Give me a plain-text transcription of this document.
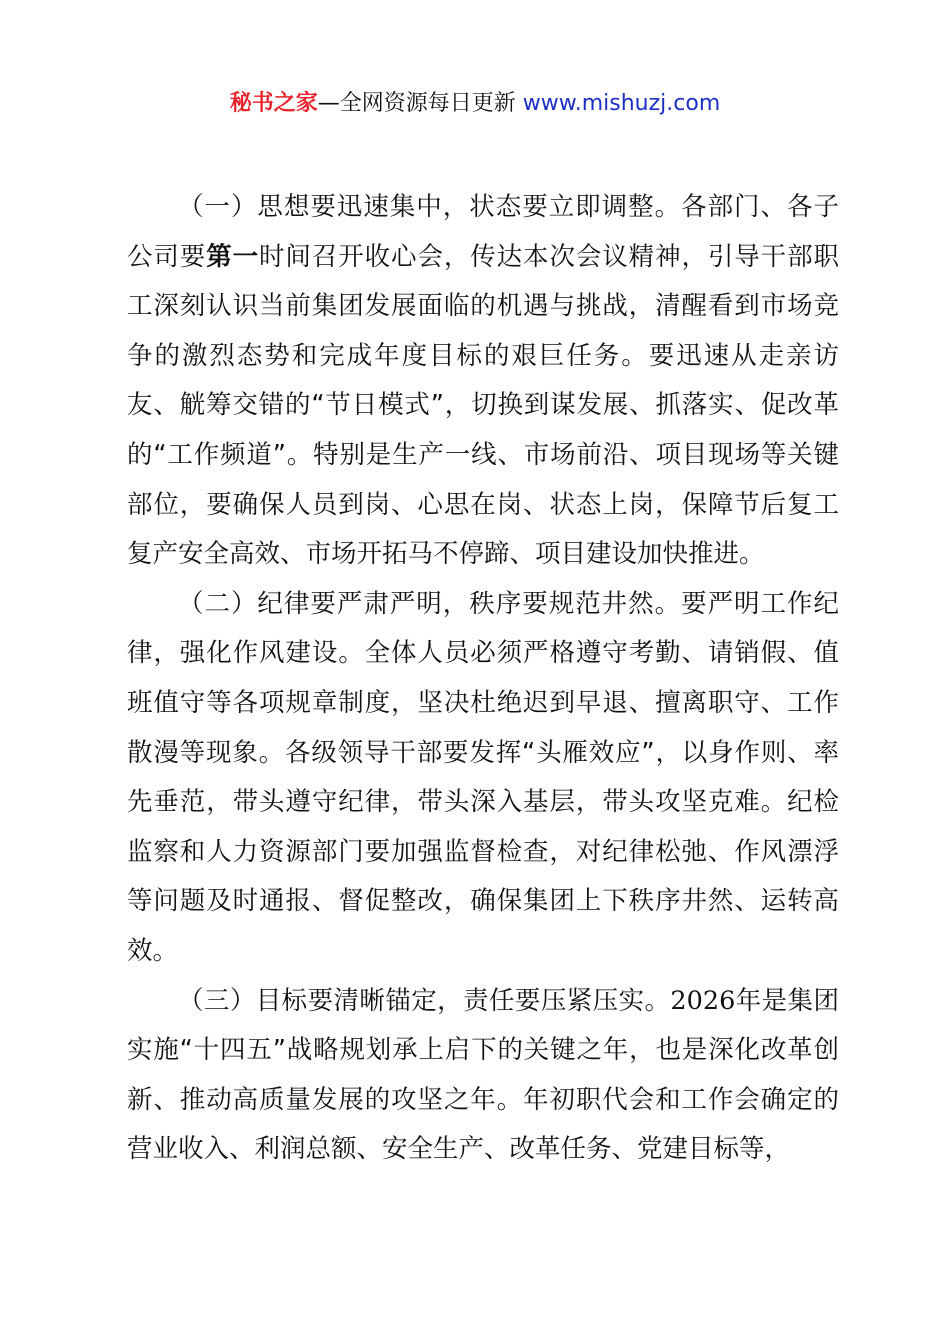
秘书之家—全网资源每日更新 www.mishuzj.com

（一）思想要迅速集中，状态要立即调整。各部门、各子公司要第一时间召开收心会，传达本次会议精神，引导干部职工深刻认识当前集团发展面临的机遇与挑战，清醒看到市场竞争的激烈态势和完成年度目标的艰巨任务。要迅速从走亲访友、觥筹交错的“节日模式”，切换到谋发展、抓落实、促改革的“工作频道”。特别是生产一线、市场前沿、项目现场等关键部位，要确保人员到岗、心思在岗、状态上岗，保障节后复工复产安全高效、市场开拓马不停蹄、项目建设加快推进。

（二）纪律要严肃严明，秩序要规范井然。要严明工作纪律，强化作风建设。全体人员必须严格遵守考勤、请销假、值班值守等各项规章制度，坚决杜绝迟到早退、擅离职守、工作散漫等现象。各级领导干部要发挥“头雁效应”，以身作则、率先垂范，带头遵守纪律，带头深入基层，带头攻坚克难。纪检监察和人力资源部门要加强监督检查，对纪律松弛、作风漂浮等问题及时通报、督促整改，确保集团上下秩序井然、运转高效。

（三）目标要清晰锚定，责任要压紧压实。2026年是集团实施“十四五”战略规划承上启下的关键之年，也是深化改革创新、推动高质量发展的攻坚之年。年初职代会和工作会确定的营业收入、利润总额、安全生产、改革任务、党建目标等，
